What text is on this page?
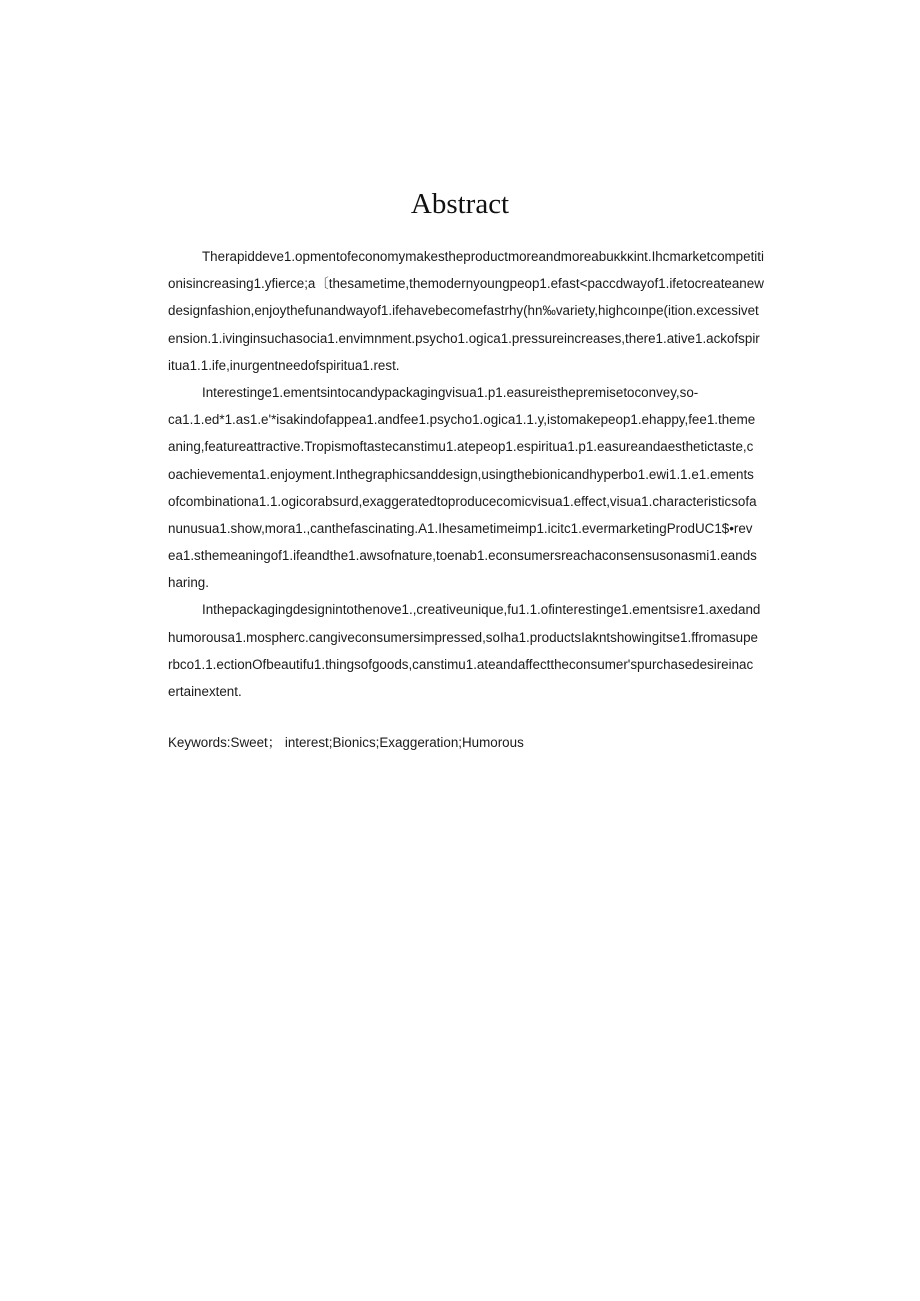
Abstract

Therapiddeve1.opmentofeconomymakestheproductmoreandmoreabuĸkĸint.Ihcmarketcompetiti
onisincreasing1.yfierce;a〔thesametime,themodernyoungpeop1.efast<paccdwayof1.ifetocreateanew
designfashion,enjoythefunandwayof1.ifehavebecomefastrhy(hn‰variety,highcoınpe(ition.excessivet
ension.1.ivinginsuchasocia1.envimnment.psycho1.ogica1.pressureincreases,there1.ative1.ackofspir
itua1.1.ife,inurgentneedofspiritua1.rest.

Interestinge1.ementsintocandypackagingvisua1.p1.easureisthepremisetoconvey,so-
ca1.1.ed*1.as1.e'*isakindofappea1.andfee1.psycho1.ogica1.1.y,istomakepeop1.ehappy,fee1.theme
aning,featureattractive.Tropismoftastecanstimu1.atepeop1.espiritua1.p1.easureandaesthetictaste,c
oachievementa1.enjoyment.Inthegraphicsanddesign,usingthebionicandhyperbo1.ewi1.1.e1.ements
ofcombinationa1.1.ogicorabsurd,exaggeratedtoproducecomicvisua1.effect,visua1.characteristicsofa
nunusua1.show,mora1.,canthefascinating.A1.Ihesametimeimp1.icitc1.evermarketingProdUC1$•rev
ea1.sthemeaningof1.ifeandthe1.awsofnature,toenab1.econsumersreachaconsensusonasmi1.eands
haring.

Inthepackagingdesignintothenove1.,creativeunique,fu1.1.ofinterestinge1.ementsisre1.axedand
humorousa1.mospherc.cangiveconsumersimpressed,soIha1.productsIakntshowingitse1.ffromasupe
rbco1.1.ectionOfbeautifu1.thingsofgoods,canstimu1.ateandaffecttheconsumer'spurchasedesireinac
ertainextent.

Keywords:Sweet； interest;Bionics;Exaggeration;Humorous
